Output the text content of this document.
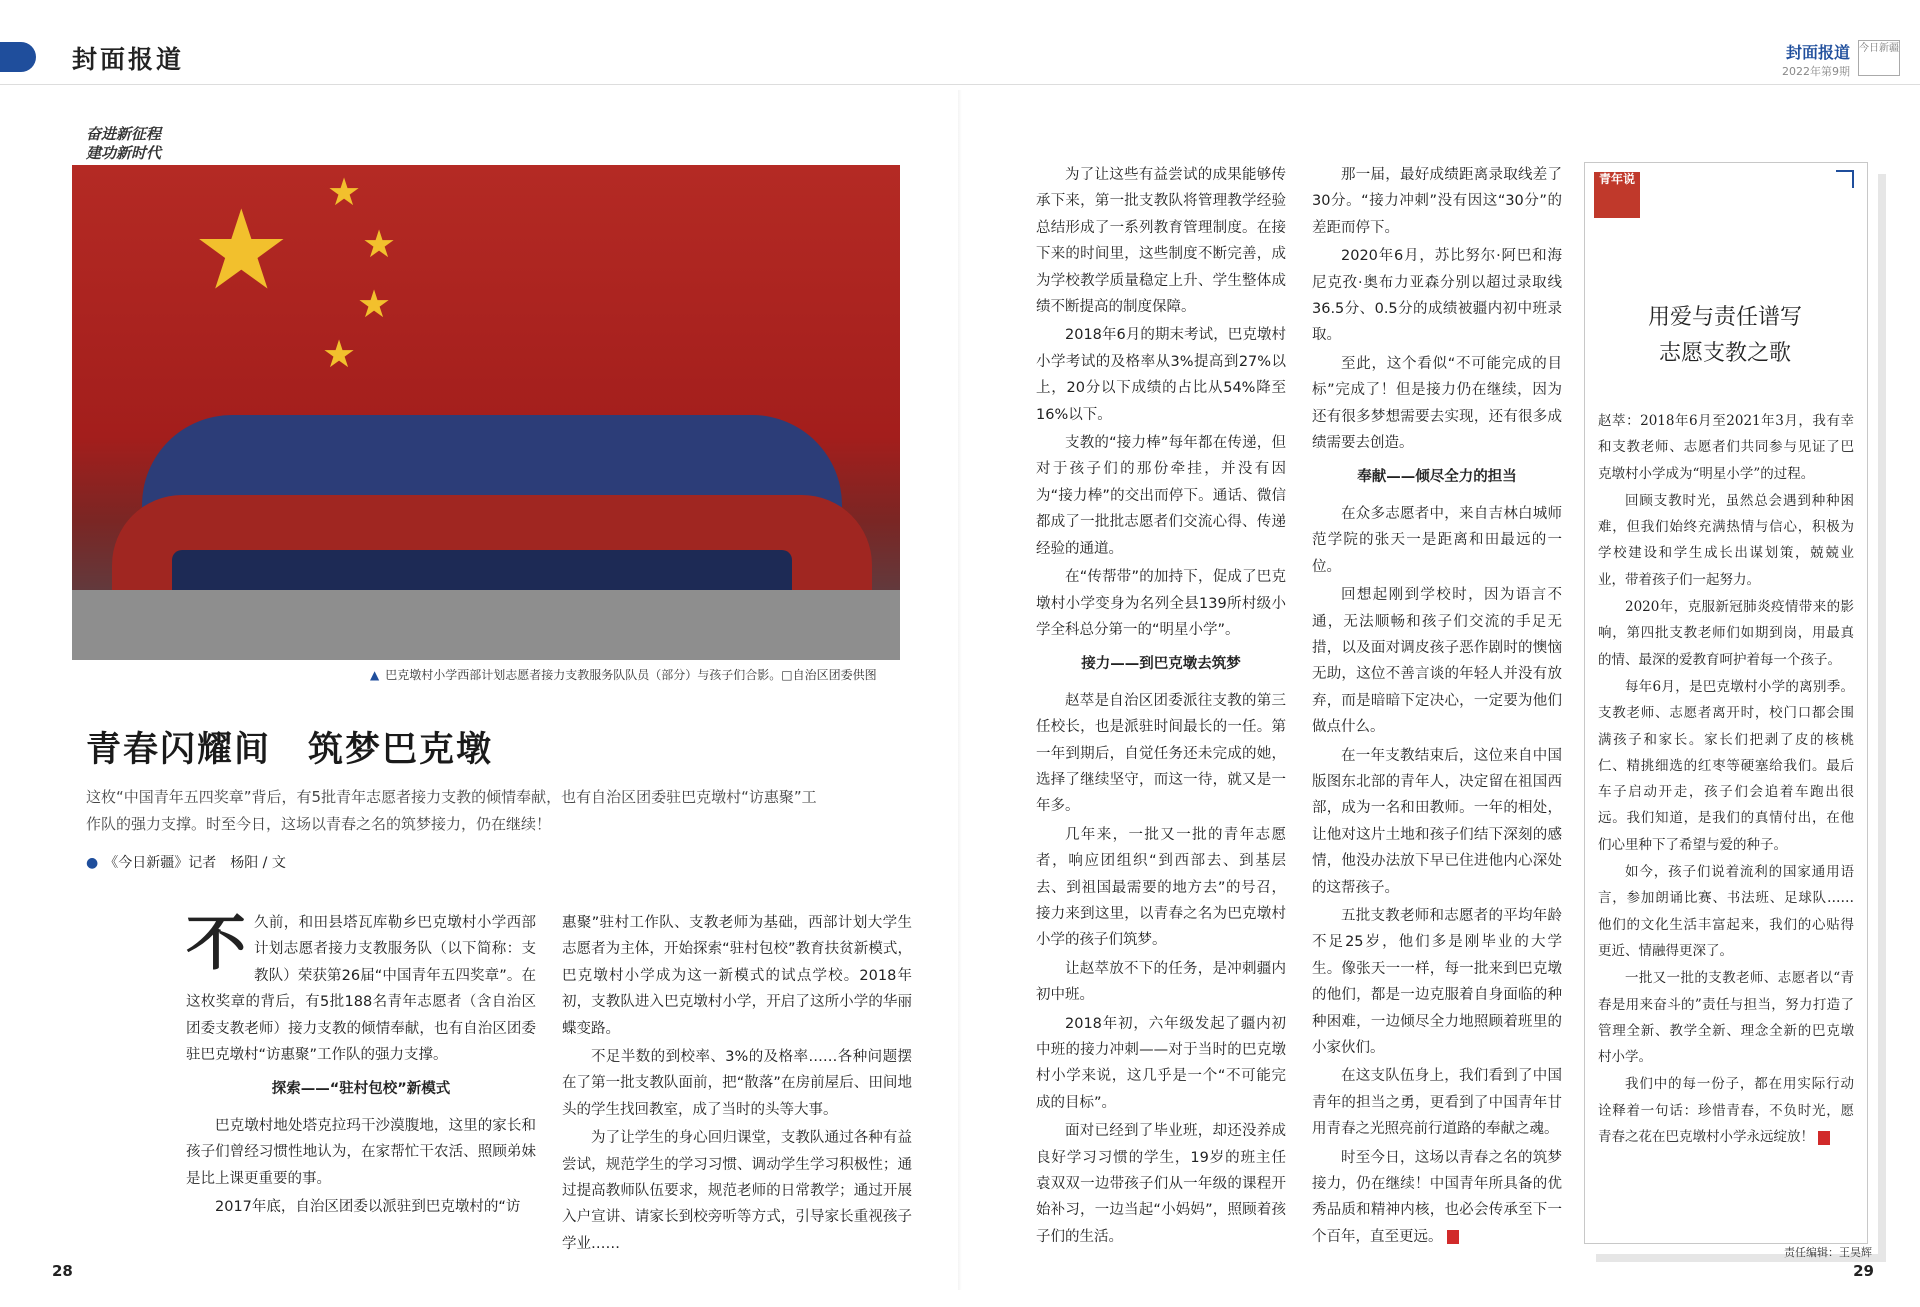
封面报道	封面报道
2022年第9期
今日新疆
奋进新征程
建功新时代
★ ★
★
★
★
▲ 巴克墩村小学西部计划志愿者接力支教服务队队员（部分）与孩子们合影。□自治区团委供图
青春闪耀间　筑梦巴克墩
这枚“中国青年五四奖章”背后，有5批青年志愿者接力支教的倾情奉献，也有自治区团委驻巴克墩村“访惠聚”工作队的强力支撑。时至今日，这场以青春之名的筑梦接力，仍在继续！
● 《今日新疆》记者　杨阳 / 文

不久前，和田县塔瓦库勒乡巴克墩村小学西部计划志愿者接力支教服务队（以下简称：支教队）荣获第26届“中国青年五四奖章”。在这枚奖章的背后，有5批188名青年志愿者（含自治区团委支教老师）接力支教的倾情奉献，也有自治区团委驻巴克墩村“访惠聚”工作队的强力支撑。

探索——“驻村包校”新模式

巴克墩村地处塔克拉玛干沙漠腹地，这里的家长和孩子们曾经习惯性地认为，在家帮忙干农活、照顾弟妹是比上课更重要的事。

2017年底，自治区团委以派驻到巴克墩村的“访

惠聚”驻村工作队、支教老师为基础，西部计划大学生志愿者为主体，开始探索“驻村包校”教育扶贫新模式，巴克墩村小学成为这一新模式的试点学校。2018年初，支教队进入巴克墩村小学，开启了这所小学的华丽蝶变路。

不足半数的到校率、3%的及格率……各种问题摆在了第一批支教队面前，把“散落”在房前屋后、田间地头的学生找回教室，成了当时的头等大事。

为了让学生的身心回归课堂，支教队通过各种有益尝试，规范学生的学习习惯、调动学生学习积极性；通过提高教师队伍要求，规范老师的日常教学；通过开展入户宣讲、请家长到校旁听等方式，引导家长重视孩子学业……

为了让这些有益尝试的成果能够传承下来，第一批支教队将管理教学经验总结形成了一系列教育管理制度。在接下来的时间里，这些制度不断完善，成为学校教学质量稳定上升、学生整体成绩不断提高的制度保障。

2018年6月的期末考试，巴克墩村小学考试的及格率从3%提高到27%以上，20分以下成绩的占比从54%降至16%以下。

支教的“接力棒”每年都在传递，但对于孩子们的那份牵挂，并没有因为“接力棒”的交出而停下。通话、微信都成了一批批志愿者们交流心得、传递经验的通道。

在“传帮带”的加持下，促成了巴克墩村小学变身为名列全县139所村级小学全科总分第一的“明星小学”。

接力——到巴克墩去筑梦

赵萃是自治区团委派往支教的第三任校长，也是派驻时间最长的一任。第一年到期后，自觉任务还未完成的她，选择了继续坚守，而这一待，就又是一年多。

几年来，一批又一批的青年志愿者，响应团组织“到西部去、到基层去、到祖国最需要的地方去”的号召，接力来到这里，以青春之名为巴克墩村小学的孩子们筑梦。

让赵萃放不下的任务，是冲刺疆内初中班。

2018年初，六年级发起了疆内初中班的接力冲刺——对于当时的巴克墩村小学来说，这几乎是一个“不可能完成的目标”。

面对已经到了毕业班，却还没养成良好学习习惯的学生，19岁的班主任袁双双一边带孩子们从一年级的课程开始补习，一边当起“小妈妈”，照顾着孩子们的生活。

那一届，最好成绩距离录取线差了30分。“接力冲刺”没有因这“30分”的差距而停下。

2020年6月，苏比努尔·阿巴和海尼克孜·奥布力亚森分别以超过录取线36.5分、0.5分的成绩被疆内初中班录取。

至此，这个看似“不可能完成的目标”完成了！但是接力仍在继续，因为还有很多梦想需要去实现，还有很多成绩需要去创造。

奉献——倾尽全力的担当

在众多志愿者中，来自吉林白城师范学院的张天一是距离和田最远的一位。

回想起刚到学校时，因为语言不通，无法顺畅和孩子们交流的手足无措，以及面对调皮孩子恶作剧时的懊恼无助，这位不善言谈的年轻人并没有放弃，而是暗暗下定决心，一定要为他们做点什么。

在一年支教结束后，这位来自中国版图东北部的青年人，决定留在祖国西部，成为一名和田教师。一年的相处，让他对这片土地和孩子们结下深刻的感情，他没办法放下早已住进他内心深处的这帮孩子。

五批支教老师和志愿者的平均年龄不足25岁，他们多是刚毕业的大学生。像张天一一样，每一批来到巴克墩的他们，都是一边克服着自身面临的种种困难，一边倾尽全力地照顾着班里的小家伙们。

在这支队伍身上，我们看到了中国青年的担当之勇，更看到了中国青年甘用青春之光照亮前行道路的奉献之魂。

时至今日，这场以青春之名的筑梦接力，仍在继续！中国青年所具备的优秀品质和精神内核，也必会传承至下一个百年，直至更远。	J

青年说
用爱与责任谱写
志愿支教之歌

赵萃：2018年6月至2021年3月，我有幸和支教老师、志愿者们共同参与见证了巴克墩村小学成为“明星小学”的过程。

回顾支教时光，虽然总会遇到种种困难，但我们始终充满热情与信心，积极为学校建设和学生成长出谋划策，兢兢业业，带着孩子们一起努力。

2020年，克服新冠肺炎疫情带来的影响，第四批支教老师们如期到岗，用最真的情、最深的爱教育呵护着每一个孩子。

每年6月，是巴克墩村小学的离别季。支教老师、志愿者离开时，校门口都会围满孩子和家长。家长们把剥了皮的核桃仁、精挑细选的红枣等硬塞给我们。最后车子启动开走，孩子们会追着车跑出很远。我们知道，是我们的真情付出，在他们心里种下了希望与爱的种子。

如今，孩子们说着流利的国家通用语言，参加朗诵比赛、书法班、足球队……他们的文化生活丰富起来，我们的心贴得更近、情融得更深了。

一批又一批的支教老师、志愿者以“青春是用来奋斗的”责任与担当，努力打造了管理全新、教学全新、理念全新的巴克墩村小学。

我们中的每一份子，都在用实际行动诠释着一句话：珍惜青春，不负时光，愿青春之花在巴克墩村小学永远绽放！	J

责任编辑：王昊辉
28	29
